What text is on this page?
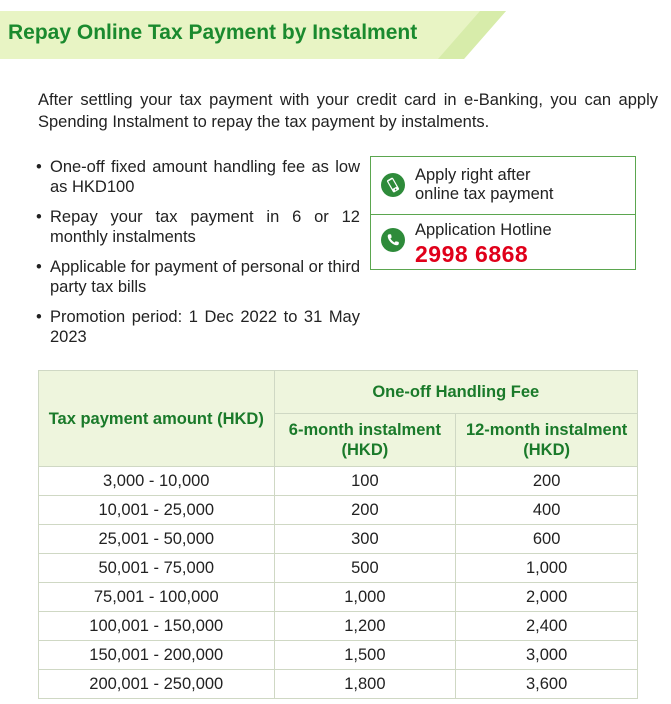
Repay Online Tax Payment by Instalment
After settling your tax payment with your credit card in e-Banking, you can apply Spending Instalment to repay the tax payment by instalments.
• One-off fixed amount handling fee as low as HKD100
• Repay your tax payment in 6 or 12 monthly instalments
• Applicable for payment of personal or third party tax bills
• Promotion period: 1 Dec 2022 to 31 May 2023
Apply right after
online tax payment
Application Hotline
2998 6868
Tax payment amount (HKD)	One-off Handling Fee	
	6-month instalment (HKD)	12-month instalment (HKD)
3,000 - 10,000	100	200
10,001 - 25,000	200	400
25,001 - 50,000	300	600
50,001 - 75,000	500	1,000
75,001 - 100,000	1,000	2,000
100,001 - 150,000	1,200	2,400
150,001 - 200,000	1,500	3,000
200,001 - 250,000	1,800	3,600
